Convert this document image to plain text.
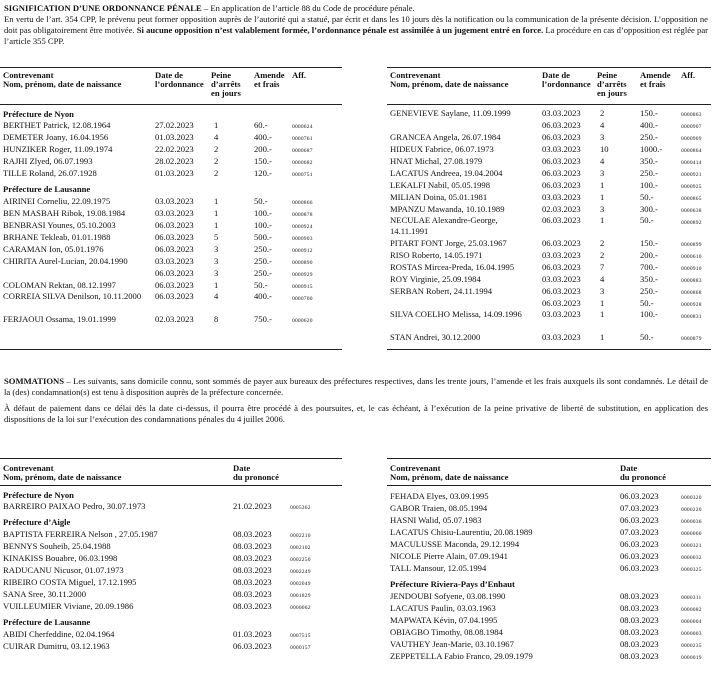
SIGNIFICATION D’UNE ORDONNANCE PÉNALE – En application de l’article 88 du Code de procédure pénale.
En vertu de l’art. 354 CPP, le prévenu peut former opposition auprès de l’autorité qui a statué, par écrit et dans les 10 jours dès la notification ou la communication de la présente décision. L’opposition ne doit pas obligatoirement être motivée. Si aucune opposition n’est valablement formée, l’ordonnance pénale est assimilée à un jugement entré en force. La procédure en cas d’opposition est réglée par l’article 355 CPP.
Contrevenant
Nom, prénom, date de naissance
Date de
l’ordonnance
Peine
d’arrêts
en jours
Amende
et frais
Aff.
Préfecture de Nyon
BERTHET Patrick, 12.08.1964	27.02.2023 1	60.-	0000624
DEMETER Joany, 16.04.1956	01.03.2023 4	400.-	0000761
HUNZIKER Roger, 11.09.1974	22.02.2023 2	200.-	0000687
RAJHI Zlyed, 06.07.1993	28.02.2023 2	150.-	0000682
TILLE Roland, 26.07.1928	01.03.2023 2	120.-	0000751
Préfecture de Lausanne
AIRINEI Corneliu, 22.09.1975	03.03.2023 1	50.-	0000866
BEN MASBAH Ribok, 19.08.1984	03.03.2023 1	100.-	0000878
BENBRASI Younes, 05.10.2003	06.03.2023 1	100.-	0000924
BRHANE Tekleab, 01.01.1988	06.03.2023 5	500.-	0000903
CARAMAN Ion, 05.01.1976	06.03.2023 3	250.-	0000912
CHIRITA Aurel-Lucian, 20.04.1990	03.03.2023 3	250.-	0000890
06.03.2023 3	250.-	0000929
COLOMAN Rektan, 08.12.1997	06.03.2023 1	50.-	0000915
CORREIA SILVA Denilson, 10.11.2000	06.03.2023 4	400.-	0000700
FERJAOUI Ossama, 19.01.1999	02.03.2023 8	750.-	0000620
Contrevenant
Nom, prénom, date de naissance
Date de
l’ordonnance
Peine
d’arrêts
en jours
Amende
et frais
Aff.
GENEVIEVE Saylane, 11.09.1999	03.03.2023 2	150.-	0000863
06.03.2023 4	400.-	0000907
GRANCEA Angela, 26.07.1984	06.03.2023 3	250.-	0000909
HIDEUX Fabrice, 06.07.1973	03.03.2023 10	1000.-	0000864
HNAT Michal, 27.08.1979	06.03.2023 4	350.-	0000414
LACATUS Andreea, 19.04.2004	06.03.2023 3	250.-	0000921
LEKALFI Nabil, 05.05.1998	06.03.2023 1	100.-	0000925
MILIAN Doina, 05.01.1981	03.03.2023 1	50.-	0000865
MPANZU Mawanda, 10.10.1989	02.03.2023 3	300.-	0000638
NECULAE Alexandre-George, 14.11.1991
06.03.2023 1	50.-	0000892
PITART FONT Jorge, 25.03.1967	06.03.2023 2	150.-	0000899
RISO Roberto, 14.05.1971	03.03.2023 2	200.-	0000610
ROSTAS Mircea-Preda, 16.04.1995	06.03.2023 7	700.-	0000910
ROY Virginie, 25.09.1984	03.03.2023 4	350.-	0000883
SERBAN Robert, 24.11.1994	06.03.2023 3	250.-	0000868
06.03.2023 1	50.-	0000928
SILVA COELHO Melissa, 14.09.1996	03.03.2023 1	100.-	0000831
STAN Andrei, 30.12.2000	03.03.2023 1	50.-	0000879
SOMMATIONS – Les suivants, sans domicile connu, sont sommés de payer aux bureaux des préfectures respectives, dans les trente jours, l’amende et les frais auxquels ils sont condamnés. Le détail de la (des) condamnation(s) est tenu à disposition auprès de la préfecture concernée.
À défaut de paiement dans ce délai dès la date ci-dessus, il pourra être procédé à des poursuites, et, le cas échéant, à l’exécution de la peine privative de liberté de substitution, en application des dispositions de la loi sur l’exécution des condamnations pénales du 4 juillet 2006.
Contrevenant
Nom, prénom, date de naissance
Date
du prononcé
Préfecture de Nyon
BARREIRO PAIXAO Pedro, 30.07.1973	21.02.2023	0005362
Préfecture d’Aigle
BAPTISTA FERREIRA Nelson , 27.05.1987	08.03.2023	0002210
BENNYS Souheib, 25.04.1988	08.03.2023	0002102
KINAKISS Bouabre, 06.03.1998	08.03.2023	0002250
RADUCANU Nicusor, 01.07.1973	08.03.2023	0002249
RIBEIRO COSTA Miguel, 17.12.1995	08.03.2023	0002049
SANA Sree, 30.11.2000	08.03.2023	0001829
VUILLEUMIER Viviane, 20.09.1986	08.03.2023	0000062
Préfecture de Lausanne
ABIDI Cherfeddine, 02.04.1964	01.03.2023	0007515
CUIRAR Dumitru, 03.12.1963	06.03.2023	0000157
Contrevenant
Nom, prénom, date de naissance
Date
du prononcé
FEHADA Elyes, 03.09.1995	06.03.2023	0000320
GABOR Traien, 08.05.1994	07.03.2023	0000220
HASNI Walid, 05.07.1983	06.03.2023	0000036
LACATUS Chisiu-Laurentiu, 20.08.1989	07.03.2023	0000060
MACULUSSE Maconda, 29.12.1994	06.03.2023	0000321
NICOLE Pierre Alain, 07.09.1941	06.03.2023	0000032
TALL Mansour, 12.05.1994	06.03.2023	0000325
Préfecture Riviera-Pays d’Enhaut
JENDOUBI Sofyene, 03.08.1990	08.03.2023	0000311
LACATUS Paulin, 03.03.1963	08.03.2023	0000082
MAPWATA Kévin, 07.04.1995	08.03.2023	0000004
OBIAGBO Timothy, 08.08.1984	08.03.2023	0000003
VAUTHEY Jean-Marie, 03.10.1967	08.03.2023	0000235
ZEPPETELLA Fabio Franco, 29.09.1979	08.03.2023	0000019
